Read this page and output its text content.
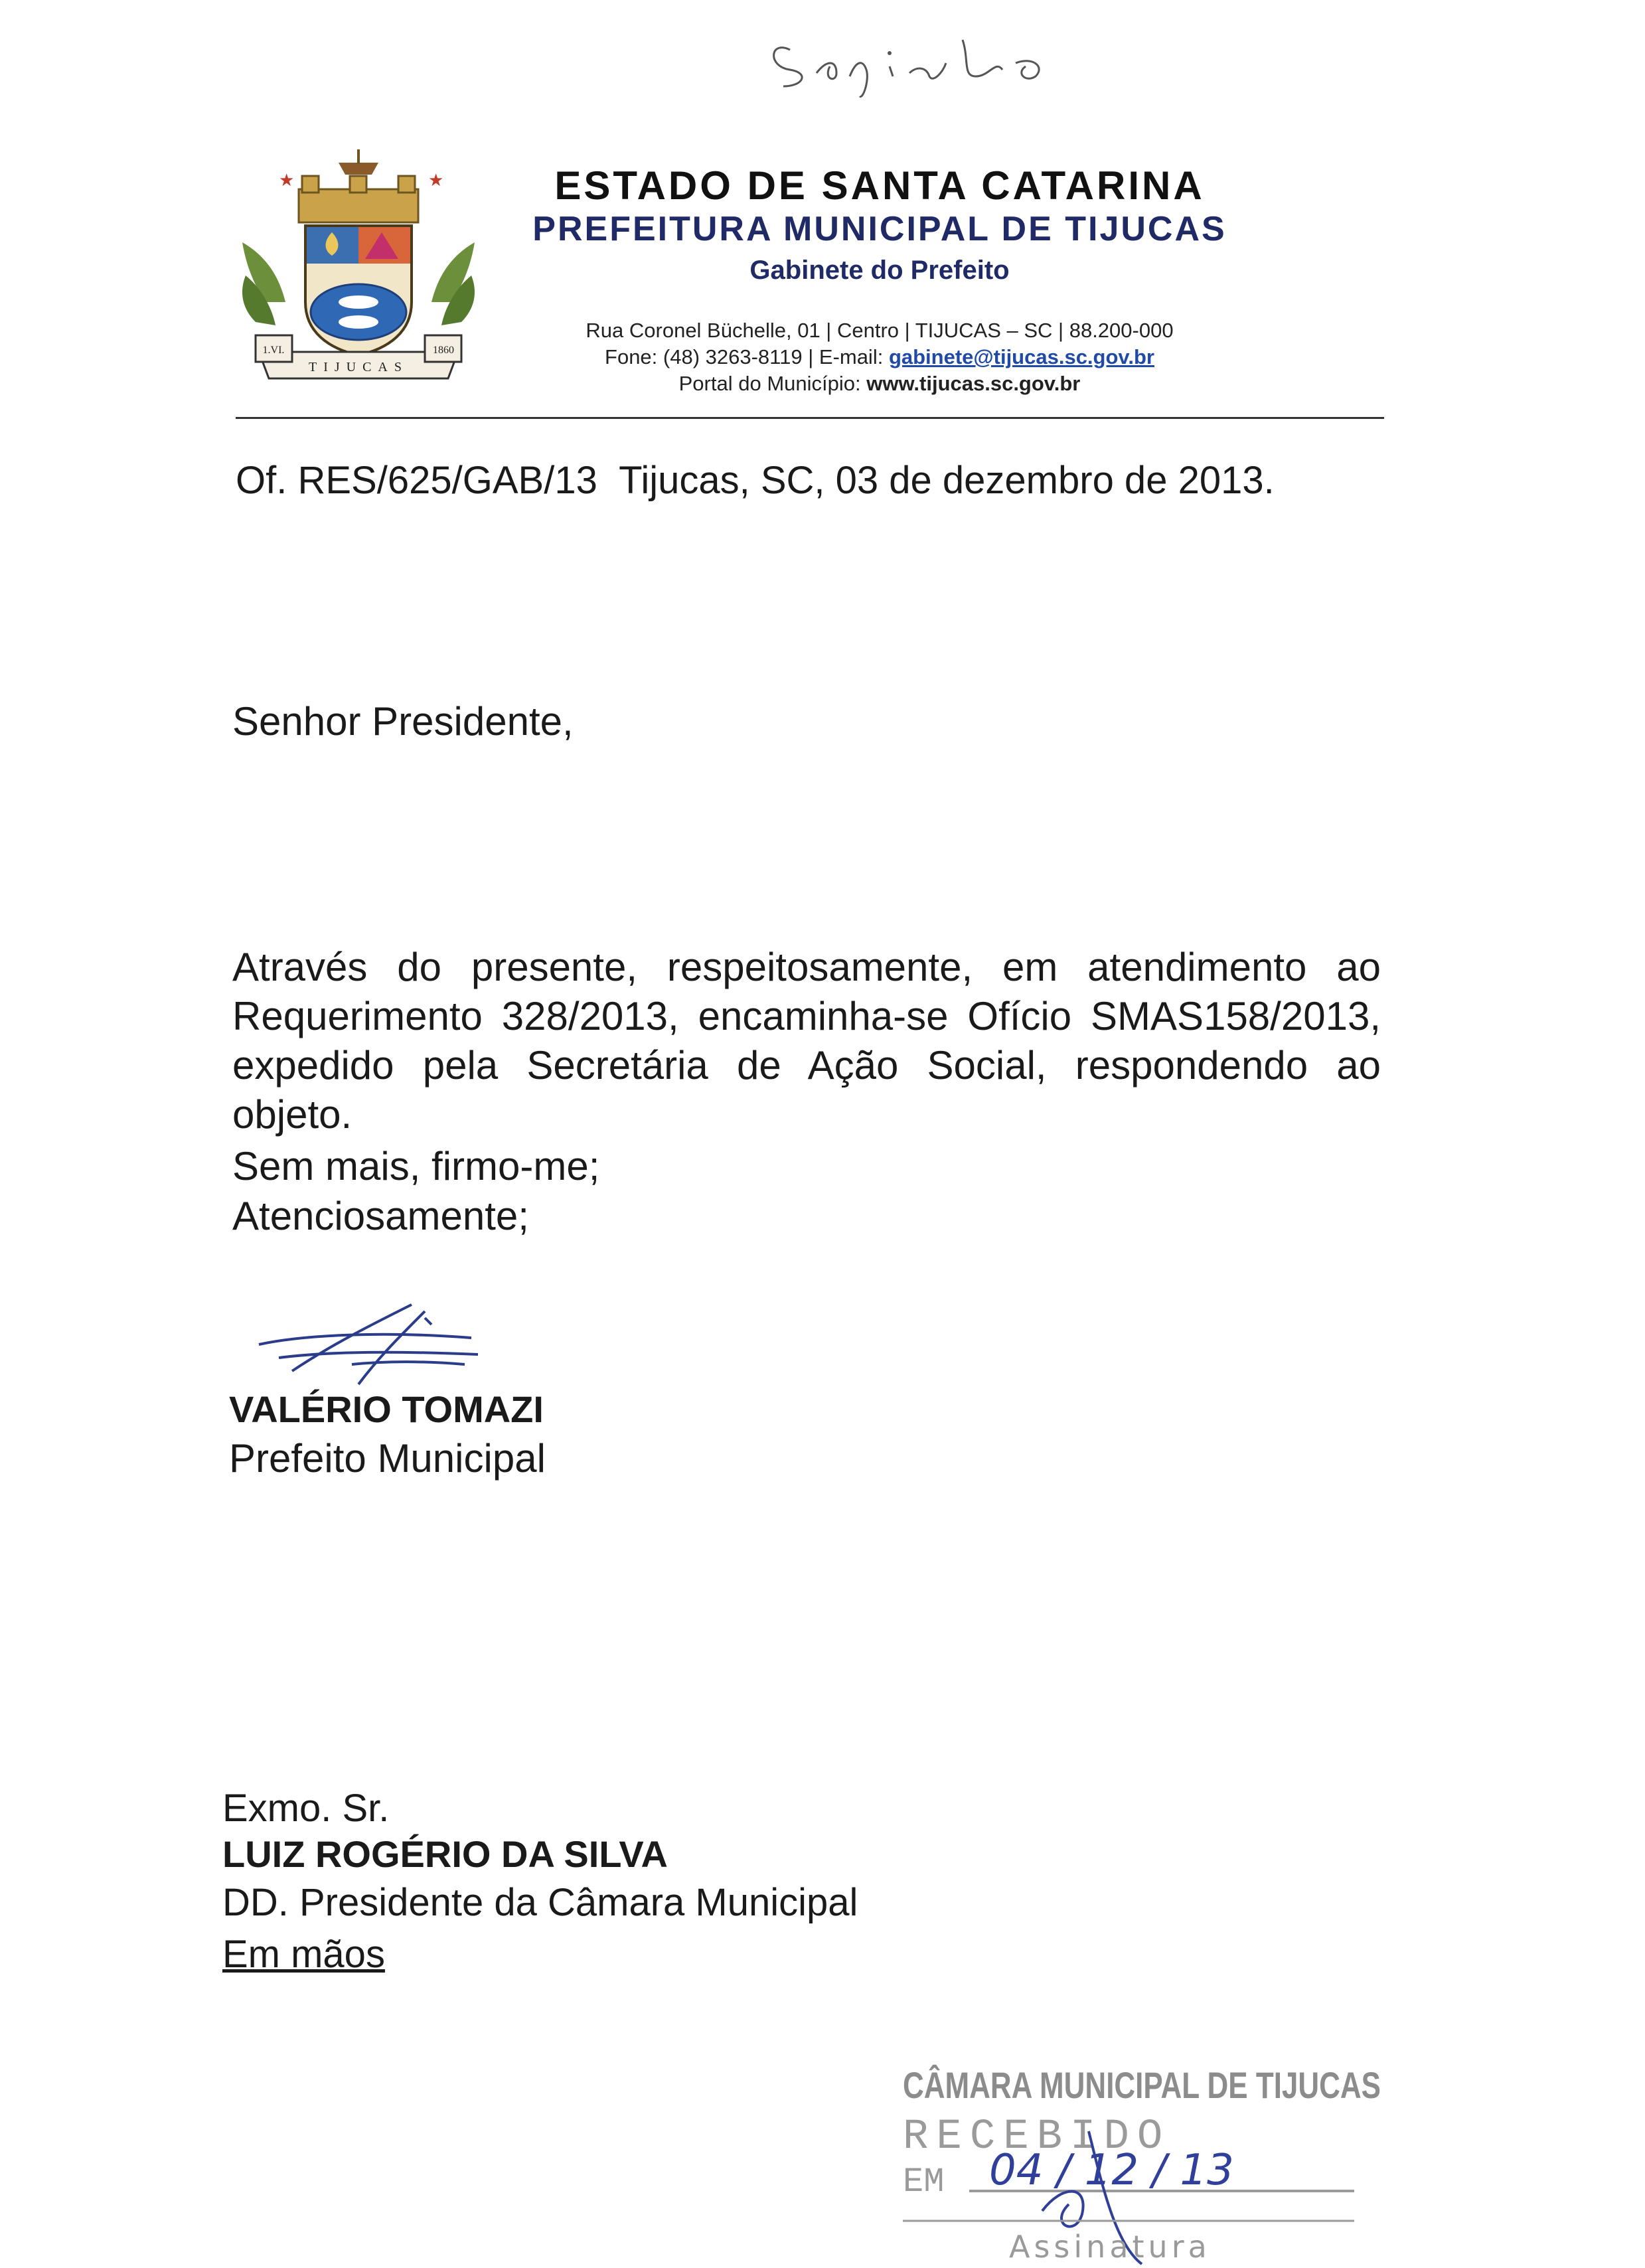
★	★
1.VI.	1860
TIJUCAS
ESTADO DE SANTA CATARINA
PREFEITURA MUNICIPAL DE TIJUCAS
Gabinete do Prefeito
Rua Coronel Büchelle, 01 | Centro | TIJUCAS – SC | 88.200-000
Fone: (48) 3263-8119 | E-mail: gabinete@tijucas.sc.gov.br
Portal do Município: www.tijucas.sc.gov.br
Of. RES/625/GAB/13 Tijucas, SC, 03 de dezembro de 2013.
Senhor Presidente,
Através do presente, respeitosamente, em atendimento ao Requerimento 328/2013, encaminha-se Ofício SMAS158/2013, expedido pela Secretária de Ação Social, respondendo ao objeto.
Sem mais, firmo-me;
Atenciosamente;
VALÉRIO TOMAZI
Prefeito Municipal
Exmo. Sr.
LUIZ ROGÉRIO DA SILVA
DD. Presidente da Câmara Municipal
Em mãos
CÂMARA MUNICIPAL DE TIJUCAS
RECEBIDO
EM 04 / 12 / 13
Assinatura
